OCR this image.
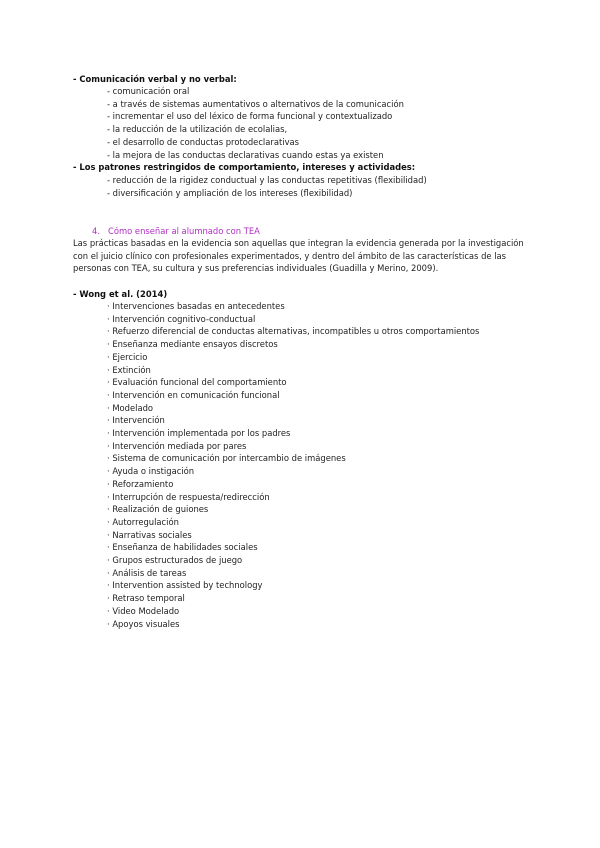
- Comunicación verbal y no verbal:
- comunicación oral
- a través de sistemas aumentativos o alternativos de la comunicación
- incrementar el uso del léxico de forma funcional y contextualizado
- la reducción de la utilización de ecolalias,
- el desarrollo de conductas protodeclarativas
- la mejora de las conductas declarativas cuando estas ya existen
- Los patrones restringidos de comportamiento, intereses y actividades:
- reducción de la rigidez conductual y las conductas repetitivas (flexibilidad)
- diversificación y ampliación de los intereses (flexibilidad)
4. Cómo enseñar al alumnado con TEA

Las prácticas basadas en la evidencia son aquellas que integran la evidencia generada por la investigación con el juicio clínico con profesionales experimentados, y dentro del ámbito de las características de las personas con TEA, su cultura y sus preferencias individuales (Guadilla y Merino, 2009).

- Wong et al. (2014)
· Intervenciones basadas en antecedentes
· Intervención cognitivo-conductual
· Refuerzo diferencial de conductas alternativas, incompatibles u otros comportamientos
· Enseñanza mediante ensayos discretos
· Ejercicio
· Extinción
· Evaluación funcional del comportamiento
· Intervención en comunicación funcional
· Modelado
· Intervención
· Intervención implementada por los padres
· Intervención mediada por pares
· Sistema de comunicación por intercambio de imágenes
· Ayuda o instigación
· Reforzamiento
· Interrupción de respuesta/redirección
· Realización de guiones
· Autorregulación
· Narrativas sociales
· Enseñanza de habilidades sociales
· Grupos estructurados de juego
· Análisis de tareas
· Intervention assisted by technology
· Retraso temporal
· Video Modelado
· Apoyos visuales
